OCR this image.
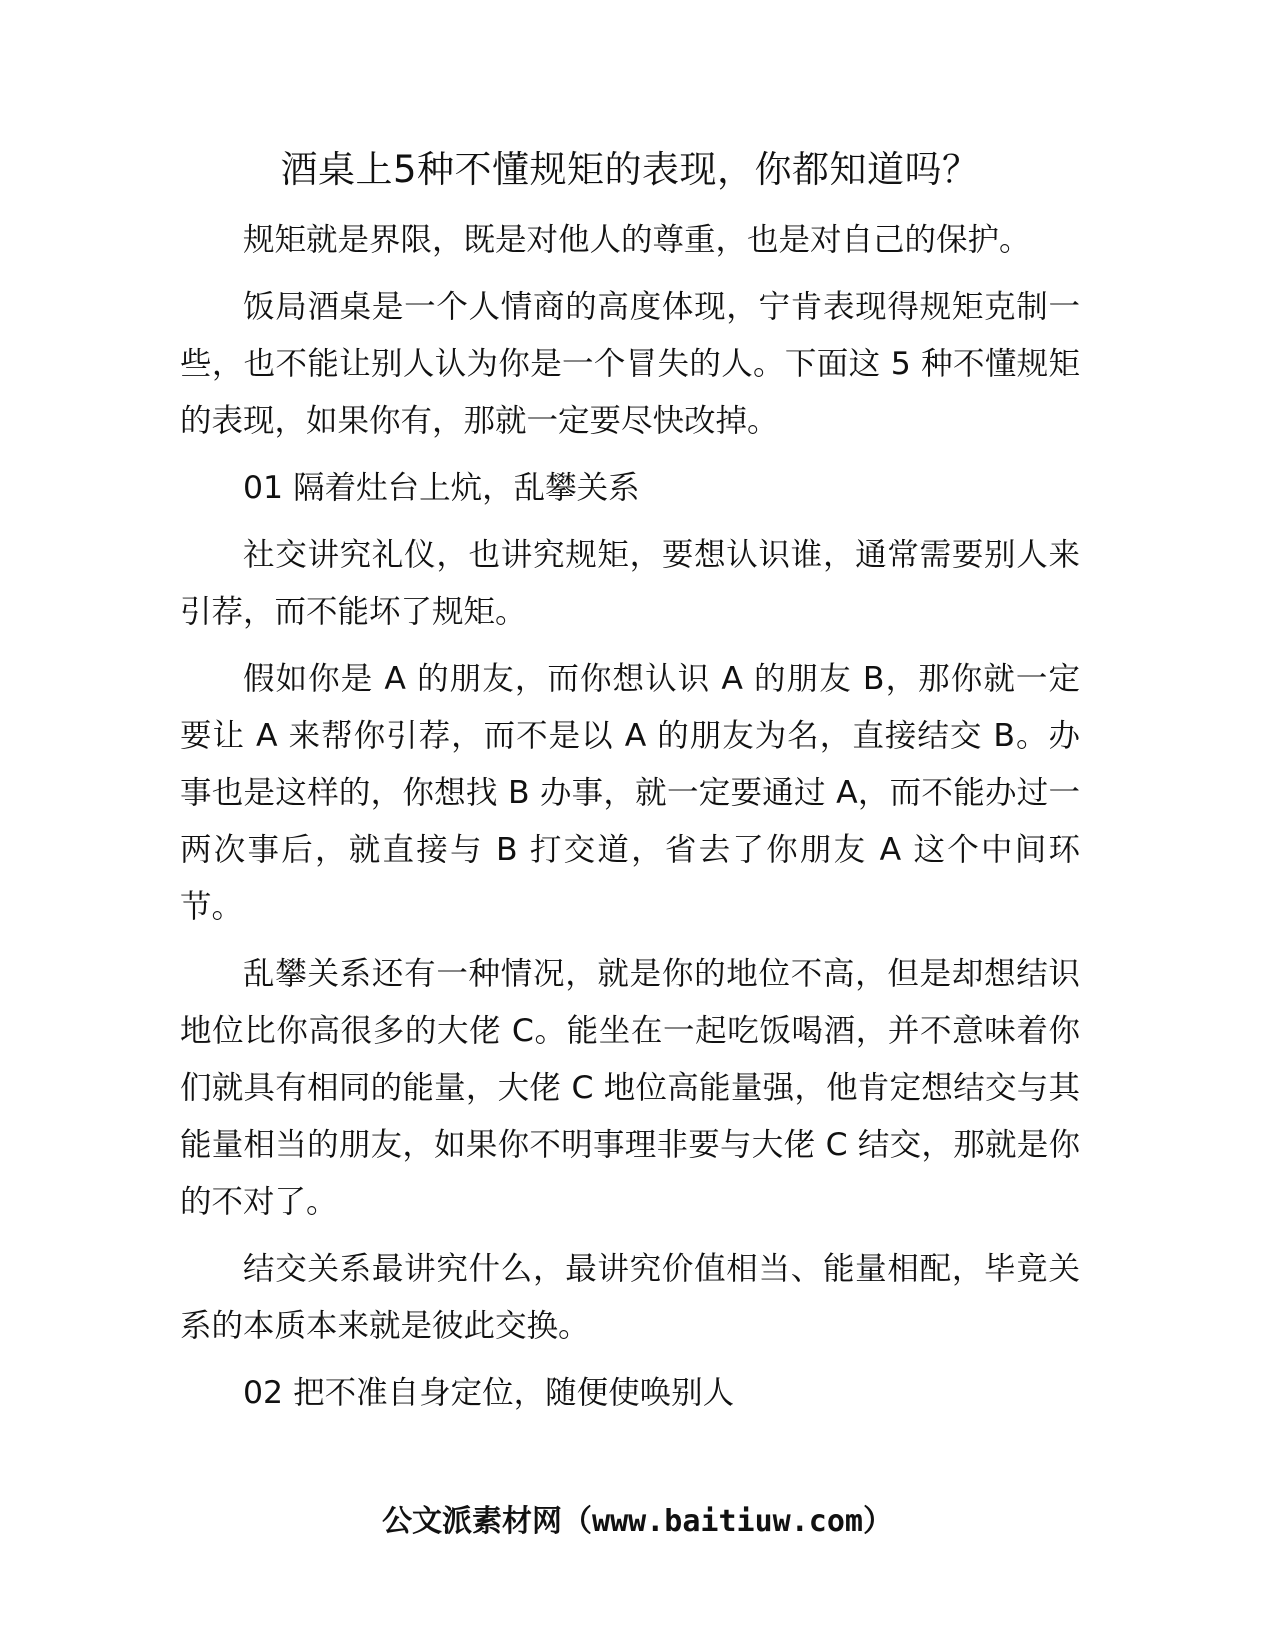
酒桌上5种不懂规矩的表现，你都知道吗？

规矩就是界限，既是对他人的尊重，也是对自己的保护。

饭局酒桌是一个人情商的高度体现，宁肯表现得规矩克制一些，也不能让别人认为你是一个冒失的人。下面这 5 种不懂规矩的表现，如果你有，那就一定要尽快改掉。

01 隔着灶台上炕，乱攀关系

社交讲究礼仪，也讲究规矩，要想认识谁，通常需要别人来引荐，而不能坏了规矩。

假如你是 A 的朋友，而你想认识 A 的朋友 B，那你就一定要让 A 来帮你引荐，而不是以 A 的朋友为名，直接结交 B。办事也是这样的，你想找 B 办事，就一定要通过 A，而不能办过一两次事后，就直接与 B 打交道，省去了你朋友 A 这个中间环节。

乱攀关系还有一种情况，就是你的地位不高，但是却想结识地位比你高很多的大佬 C。能坐在一起吃饭喝酒，并不意味着你们就具有相同的能量，大佬 C 地位高能量强，他肯定想结交与其能量相当的朋友，如果你不明事理非要与大佬 C 结交，那就是你的不对了。

结交关系最讲究什么，最讲究价值相当、能量相配，毕竟关系的本质本来就是彼此交换。

02 把不准自身定位，随便使唤别人

公文派素材网（www.baitiuw.com）
